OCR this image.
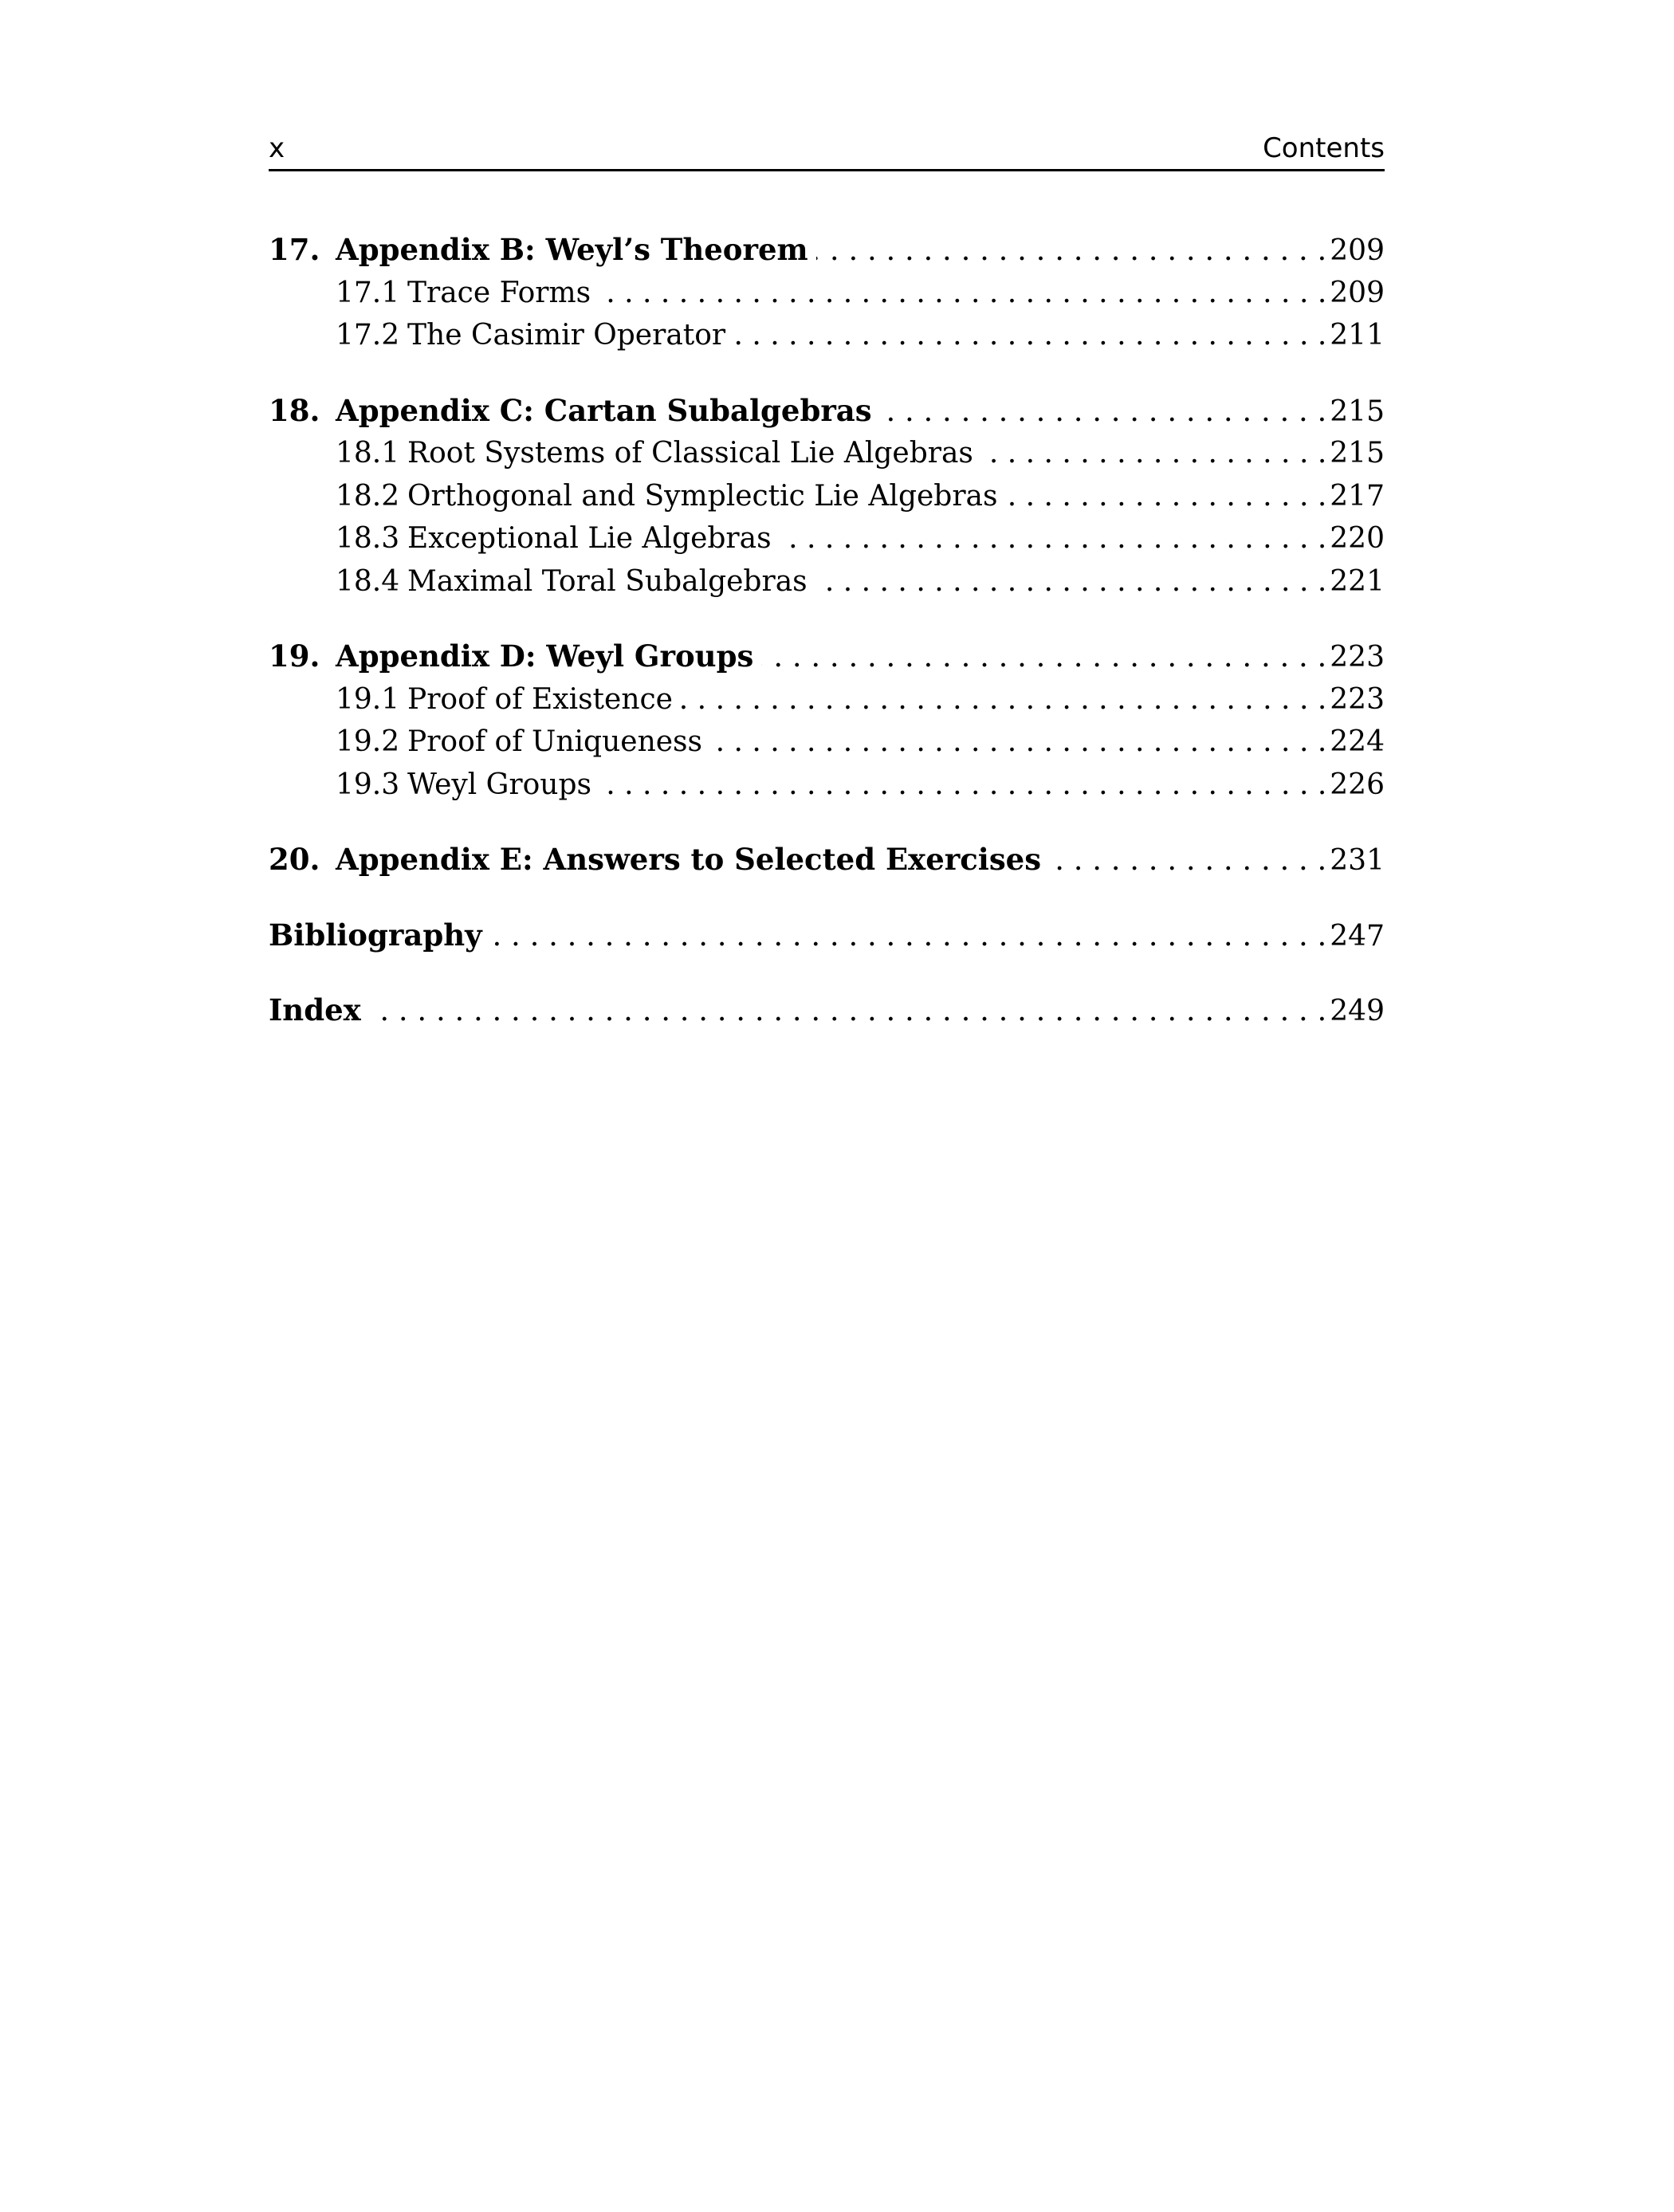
x	Contents
17. Appendix B: Weyl’s Theorem . . .	209
17.1 Trace Forms . . .	209
17.2 The Casimir Operator . . .	211
18. Appendix C: Cartan Subalgebras . . .	215
18.1 Root Systems of Classical Lie Algebras . . .	215
18.2 Orthogonal and Symplectic Lie Algebras . . .	217
18.3 Exceptional Lie Algebras . . .	220
18.4 Maximal Toral Subalgebras . . .	221
19. Appendix D: Weyl Groups . . .	223
19.1 Proof of Existence . . .	223
19.2 Proof of Uniqueness . . .	224
19.3 Weyl Groups . . .	226
20. Appendix E: Answers to Selected Exercises . . .	231
Bibliography . . .	247
Index . . .	249
